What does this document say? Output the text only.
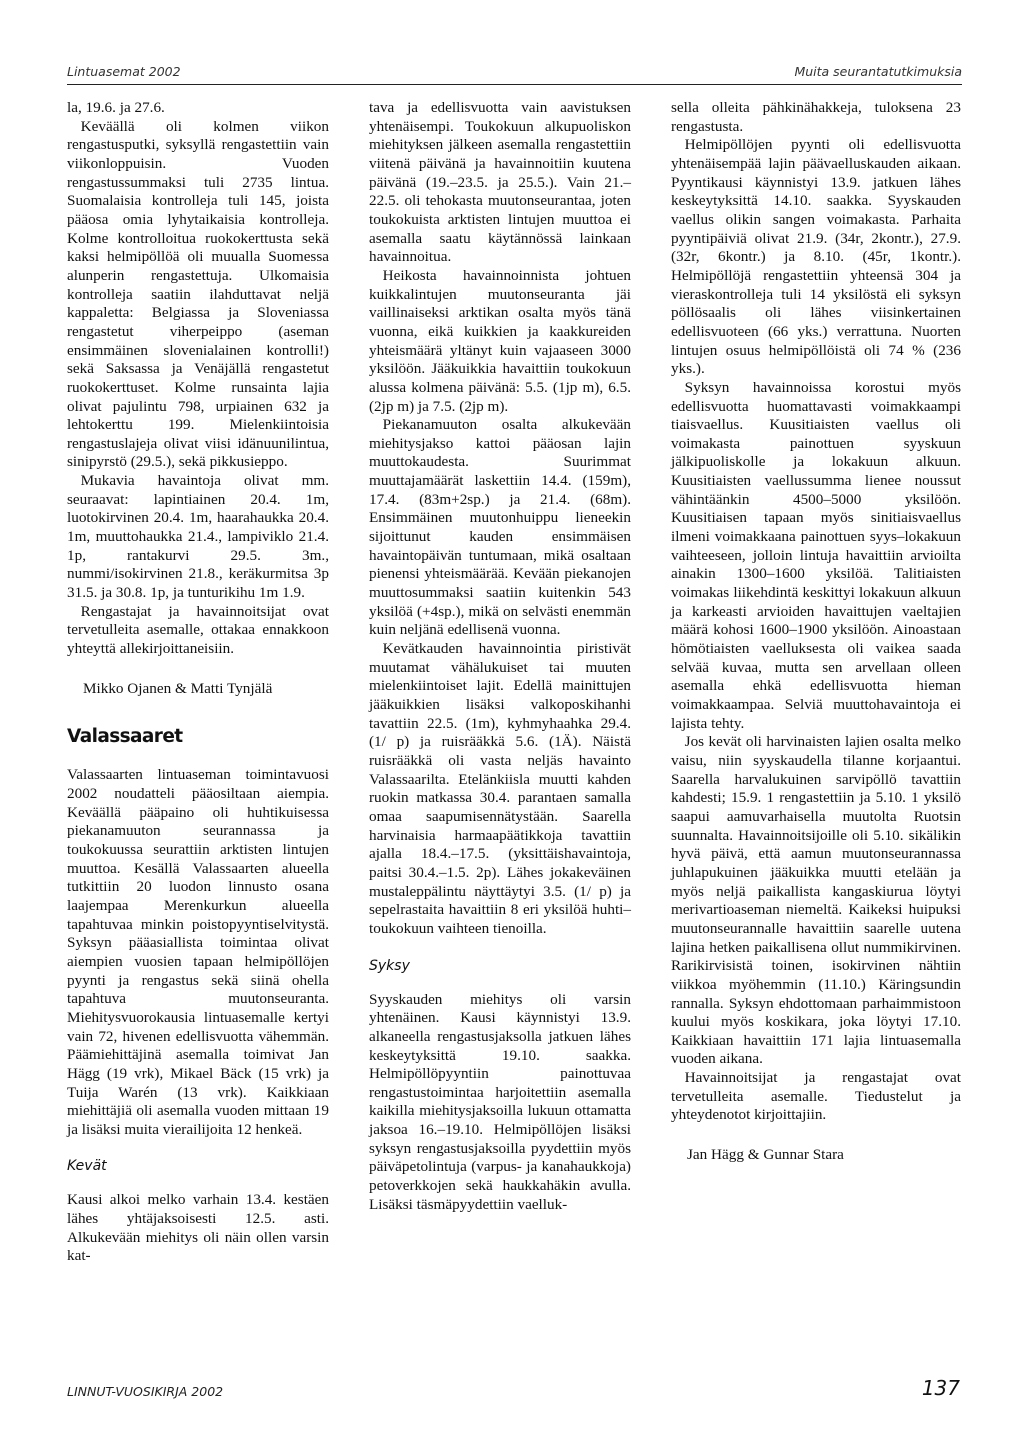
Lintuasemat 2002	Muita seurantatutkimuksia

la, 19.6. ja 27.6.

Keväällä oli kolmen viikon rengastusputki, syksyllä rengastettiin vain viikonloppuisin. Vuoden rengastussummaksi tuli 2735 lintua. Suomalaisia kontrolleja tuli 145, joista pääosa omia lyhytaikaisia kontrolleja. Kolme kontrolloitua ruokokerttusta sekä kaksi helmipöllöä oli muualla Suomessa alunperin rengastettuja. Ulkomaisia kontrolleja saatiin ilahduttavat neljä kappaletta: Belgiassa ja Sloveniassa rengastetut viherpeippo (aseman ensimmäinen slovenialainen kontrolli!) sekä Saksassa ja Venäjällä rengastetut ruokokerttuset. Kolme runsainta lajia olivat pajulintu 798, urpiainen 632 ja lehtokerttu 199. Mielenkiintoisia rengastuslajeja olivat viisi idänuunilintua, sinipyrstö (29.5.), sekä pikkusieppo.

Mukavia havaintoja olivat mm. seuraavat: lapintiainen 20.4. 1m, luotokirvinen 20.4. 1m, haarahaukka 20.4. 1m, muuttohaukka 21.4., lampiviklo 21.4. 1p, rantakurvi 29.5. 3m., nummi/isokirvinen 21.8., keräkurmitsa 3p 31.5. ja 30.8. 1p, ja tunturikihu 1m 1.9.

Rengastajat ja havainnoitsijat ovat tervetulleita asemalle, ottakaa ennakkoon yhteyttä allekirjoittaneisiin.

Mikko Ojanen & Matti Tynjälä

Valassaaret

Valassaarten lintuaseman toimintavuosi 2002 noudatteli pääosiltaan aiempia. Keväällä pääpaino oli huhtikuisessa piekanamuuton seurannassa ja toukokuussa seurattiin arktisten lintujen muuttoa. Kesällä Valassaarten alueella tutkittiin 20 luodon linnusto osana laajempaa Merenkurkun alueella tapahtuvaa minkin poistopyyntiselvitystä. Syksyn pääasiallista toimintaa olivat aiempien vuosien tapaan helmipöllöjen pyynti ja rengastus sekä siinä ohella tapahtuva muutonseuranta. Miehitysvuorokausia lintuasemalle kertyi vain 72, hivenen edellisvuotta vähemmän. Päämiehittäjinä asemalla toimivat Jan Hägg (19 vrk), Mikael Bäck (15 vrk) ja Tuija Warén (13 vrk). Kaikkiaan miehittäjiä oli asemalla vuoden mittaan 19 ja lisäksi muita vierailijoita 12 henkeä.

Kevät

Kausi alkoi melko varhain 13.4. kestäen lähes yhtäjaksoisesti 12.5. asti. Alkukevään miehitys oli näin ollen varsin kat-

tava ja edellisvuotta vain aavistuksen yhtenäisempi. Toukokuun alkupuoliskon miehityksen jälkeen asemalla rengastettiin viitenä päivänä ja havainnoitiin kuutena päivänä (19.–23.5. ja 25.5.). Vain 21.–22.5. oli tehokasta muutonseurantaa, joten toukokuista arktisten lintujen muuttoa ei asemalla saatu käytännössä lainkaan havainnoitua.

Heikosta havainnoinnista johtuen kuikkalintujen muutonseuranta jäi vaillinaiseksi arktikan osalta myös tänä vuonna, eikä kuikkien ja kaakkureiden yhteismäärä yltänyt kuin vajaaseen 3000 yksilöön. Jääkuikkia havaittiin toukokuun alussa kolmena päivänä: 5.5. (1jp m), 6.5. (2jp m) ja 7.5. (2jp m).

Piekanamuuton osalta alkukevään miehitysjakso kattoi pääosan lajin muuttokaudesta. Suurimmat muuttajamäärät laskettiin 14.4. (159m), 17.4. (83m+2sp.) ja 21.4. (68m). Ensimmäinen muutonhuippu lieneekin sijoittunut kauden ensimmäisen havaintopäivän tuntumaan, mikä osaltaan pienensi yhteismäärää. Kevään piekanojen muuttosummaksi saatiin kuitenkin 543 yksilöä (+4sp.), mikä on selvästi enemmän kuin neljänä edellisenä vuonna.

Kevätkauden havainnointia piristivät muutamat vähälukuiset tai muuten mielenkiintoiset lajit. Edellä mainittujen jääkuikkien lisäksi valkoposkihanhi tavattiin 22.5. (1m), kyhmyhaahka 29.4. (1/ p) ja ruisrääkkä 5.6. (1Ä). Näistä ruisrääkkä oli vasta neljäs havainto Valassaarilta. Etelänkiisla muutti kahden ruokin matkassa 30.4. parantaen samalla omaa saapumisennätystään. Saarella harvinaisia harmaapäätikkoja tavattiin ajalla 18.4.–17.5. (yksittäishavaintoja, paitsi 30.4.–1.5. 2p). Lähes jokakeväinen mustaleppälintu näyttäytyi 3.5. (1/ p) ja sepelrastaita havaittiin 8 eri yksilöä huhti–toukokuun vaihteen tienoilla.

Syksy

Syyskauden miehitys oli varsin yhtenäinen. Kausi käynnistyi 13.9. alkaneella rengastusjaksolla jatkuen lähes keskeytyksittä 19.10. saakka. Helmipöllöpyyntiin painottuvaa rengastustoimintaa harjoitettiin asemalla kaikilla miehitysjaksoilla lukuun ottamatta jaksoa 16.–19.10. Helmipöllöjen lisäksi syksyn rengastusjaksoilla pyydettiin myös päiväpetolintuja (varpus- ja kanahaukkoja) petoverkkojen sekä haukkahäkin avulla. Lisäksi täsmäpyydettiin vaelluk-

sella olleita pähkinähakkeja, tuloksena 23 rengastusta.

Helmipöllöjen pyynti oli edellisvuotta yhtenäisempää lajin päävaelluskauden aikaan. Pyyntikausi käynnistyi 13.9. jatkuen lähes keskeytyksittä 14.10. saakka. Syyskauden vaellus olikin sangen voimakasta. Parhaita pyyntipäiviä olivat 21.9. (34r, 2kontr.), 27.9. (32r, 6kontr.) ja 8.10. (45r, 1kontr.). Helmipöllöjä rengastettiin yhteensä 304 ja vieraskontrolleja tuli 14 yksilöstä eli syksyn pöllösaalis oli lähes viisinkertainen edellisvuoteen (66 yks.) verrattuna. Nuorten lintujen osuus helmipöllöistä oli 74 % (236 yks.).

Syksyn havainnoissa korostui myös edellisvuotta huomattavasti voimakkaampi tiaisvaellus. Kuusitiaisten vaellus oli voimakasta painottuen syyskuun jälkipuoliskolle ja lokakuun alkuun. Kuusitiaisten vaellussumma lienee noussut vähintäänkin 4500–5000 yksilöön. Kuusitiaisen tapaan myös sinitiaisvaellus ilmeni voimakkaana painottuen syys–lokakuun vaihteeseen, jolloin lintuja havaittiin arvioilta ainakin 1300–1600 yksilöä. Talitiaisten voimakas liikehdintä keskittyi lokakuun alkuun ja karkeasti arvioiden havaittujen vaeltajien määrä kohosi 1600–1900 yksilöön. Ainoastaan hömötiaisten vaelluksesta oli vaikea saada selvää kuvaa, mutta sen arvellaan olleen asemalla ehkä edellisvuotta hieman voimakkaampaa. Selviä muuttohavaintoja ei lajista tehty.

Jos kevät oli harvinaisten lajien osalta melko vaisu, niin syyskaudella tilanne korjaantui. Saarella harvalukuinen sarvipöllö tavattiin kahdesti; 15.9. 1 rengastettiin ja 5.10. 1 yksilö saapui aamuvarhaisella muutolta Ruotsin suunnalta. Havainnoitsijoille oli 5.10. sikälikin hyvä päivä, että aamun muutonseurannassa juhlapukuinen jääkuikka muutti etelään ja myös neljä paikallista kangaskiurua löytyi merivartioaseman niemeltä. Kaikeksi huipuksi muutonseurannalle havaittiin saarelle uutena lajina hetken paikallisena ollut nummikirvinen. Rarikirvisistä toinen, isokirvinen nähtiin viikkoa myöhemmin (11.10.) Käringsundin rannalla. Syksyn ehdottomaan parhaimmistoon kuului myös koskikara, joka löytyi 17.10. Kaikkiaan havaittiin 171 lajia lintuasemalla vuoden aikana.

Havainnoitsijat ja rengastajat ovat tervetulleita asemalle. Tiedustelut ja yhteydenotot kirjoittajiin.

Jan Hägg & Gunnar Stara

LINNUT-VUOSIKIRJA 2002	137
